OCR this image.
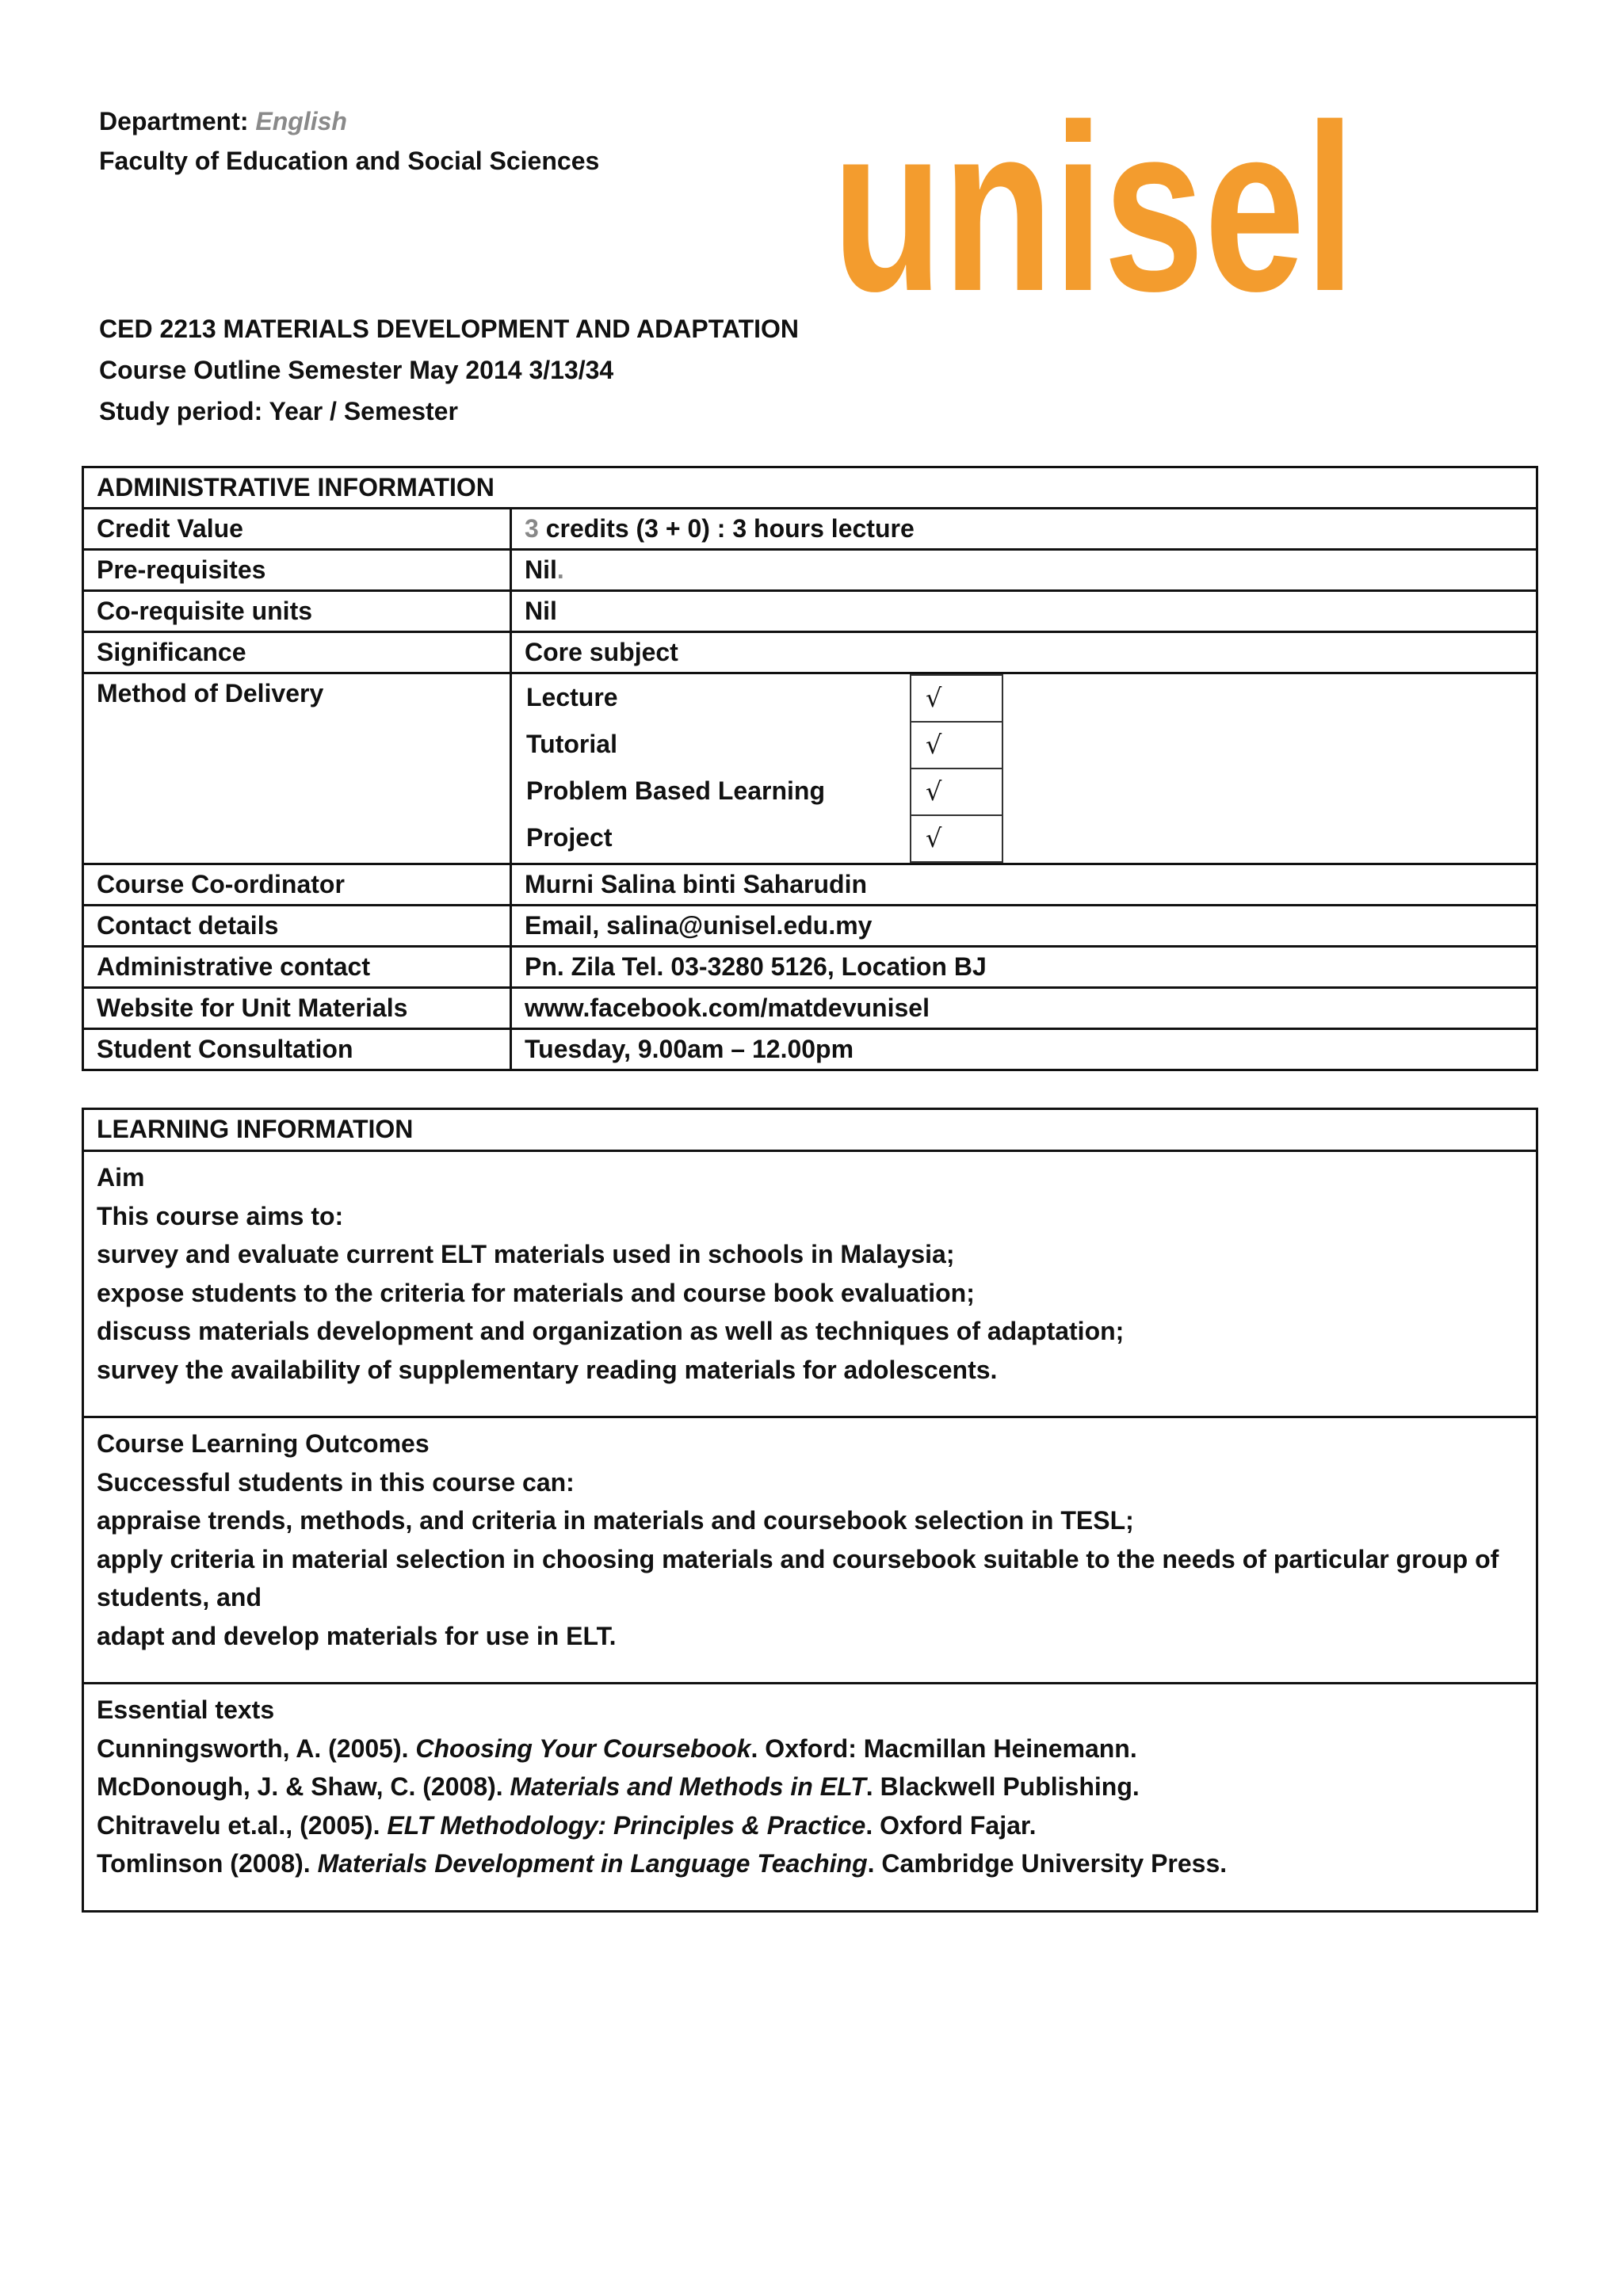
Department: English
Faculty of Education and Social Sciences unisel
CED 2213 MATERIALS DEVELOPMENT AND ADAPTATION
Course Outline Semester May 2014 3/13/34
Study period: Year / Semester
ADMINISTRATIVE INFORMATION
Credit Value	3 credits (3 + 0) : 3 hours lecture
Pre-requisites	Nil.
Co-requisite units	Nil
Significance	Core subject
Method of Delivery		Lecture	√
Tutorial	√
Problem Based Learning	√
Project	√

Course Co-ordinator	Murni Salina binti Saharudin
Contact details	Email, salina@unisel.edu.my
Administrative contact	Pn. Zila Tel. 03-3280 5126, Location BJ
Website for Unit Materials	www.facebook.com/matdevunisel
Student Consultation	Tuesday, 9.00am – 12.00pm
LEARNING INFORMATION

Aim
This course aims to:
survey and evaluate current ELT materials used in schools in Malaysia;
expose students to the criteria for materials and course book evaluation;
discuss materials development and organization as well as techniques of adaptation;
survey the availability of supplementary reading materials for adolescents.

Course Learning Outcomes
Successful students in this course can:
appraise trends, methods, and criteria in materials and coursebook selection in TESL;
apply criteria in material selection in choosing materials and coursebook suitable to the needs of particular group of students, and
adapt and develop materials for use in ELT.

Essential texts
Cunningsworth, A. (2005). Choosing Your Coursebook. Oxford: Macmillan Heinemann.
McDonough, J. & Shaw, C. (2008). Materials and Methods in ELT. Blackwell Publishing.
Chitravelu et.al., (2005). ELT Methodology: Principles & Practice. Oxford Fajar.
Tomlinson (2008). Materials Development in Language Teaching. Cambridge University Press.
